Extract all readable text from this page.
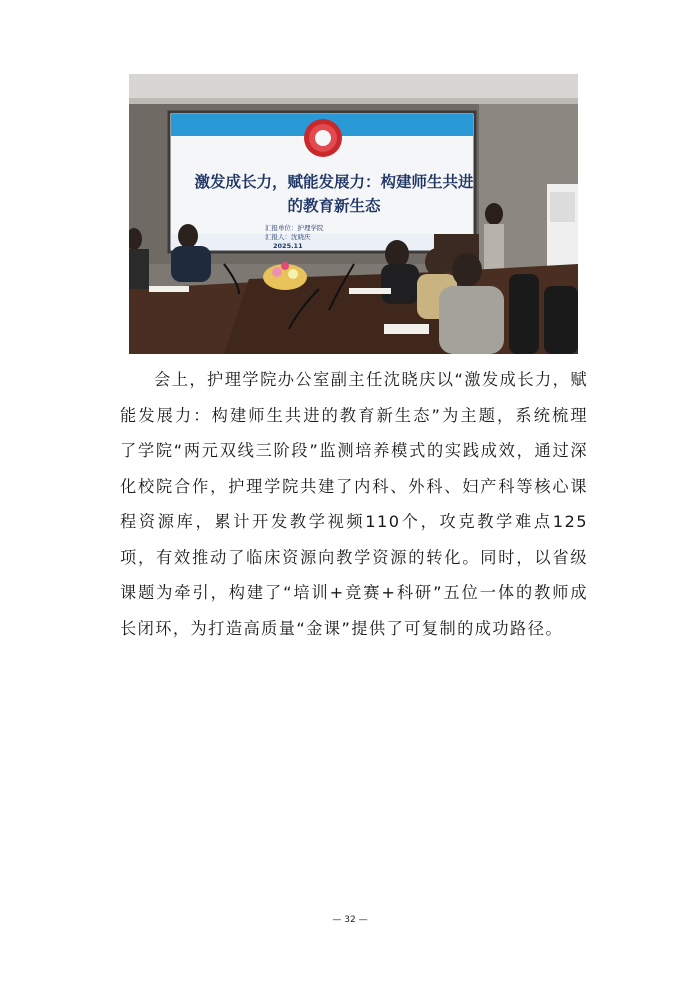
激发成长力，赋能发展力：构建师生共进的教育新生态
汇报单位：护理学院
汇报人：沈晓庆
2025.11

会上，护理学院办公室副主任沈晓庆以“激发成长力，赋能发展力：构建师生共进的教育新生态”为主题，系统梳理了学院“两元双线三阶段”监测培养模式的实践成效，通过深化校院合作，护理学院共建了内科、外科、妇产科等核心课程资源库，累计开发教学视频110个，攻克教学难点125项，有效推动了临床资源向教学资源的转化。同时，以省级课题为牵引，构建了“培训+竞赛+科研”五位一体的教师成长闭环，为打造高质量“金课”提供了可复制的成功路径。

— 32 —
